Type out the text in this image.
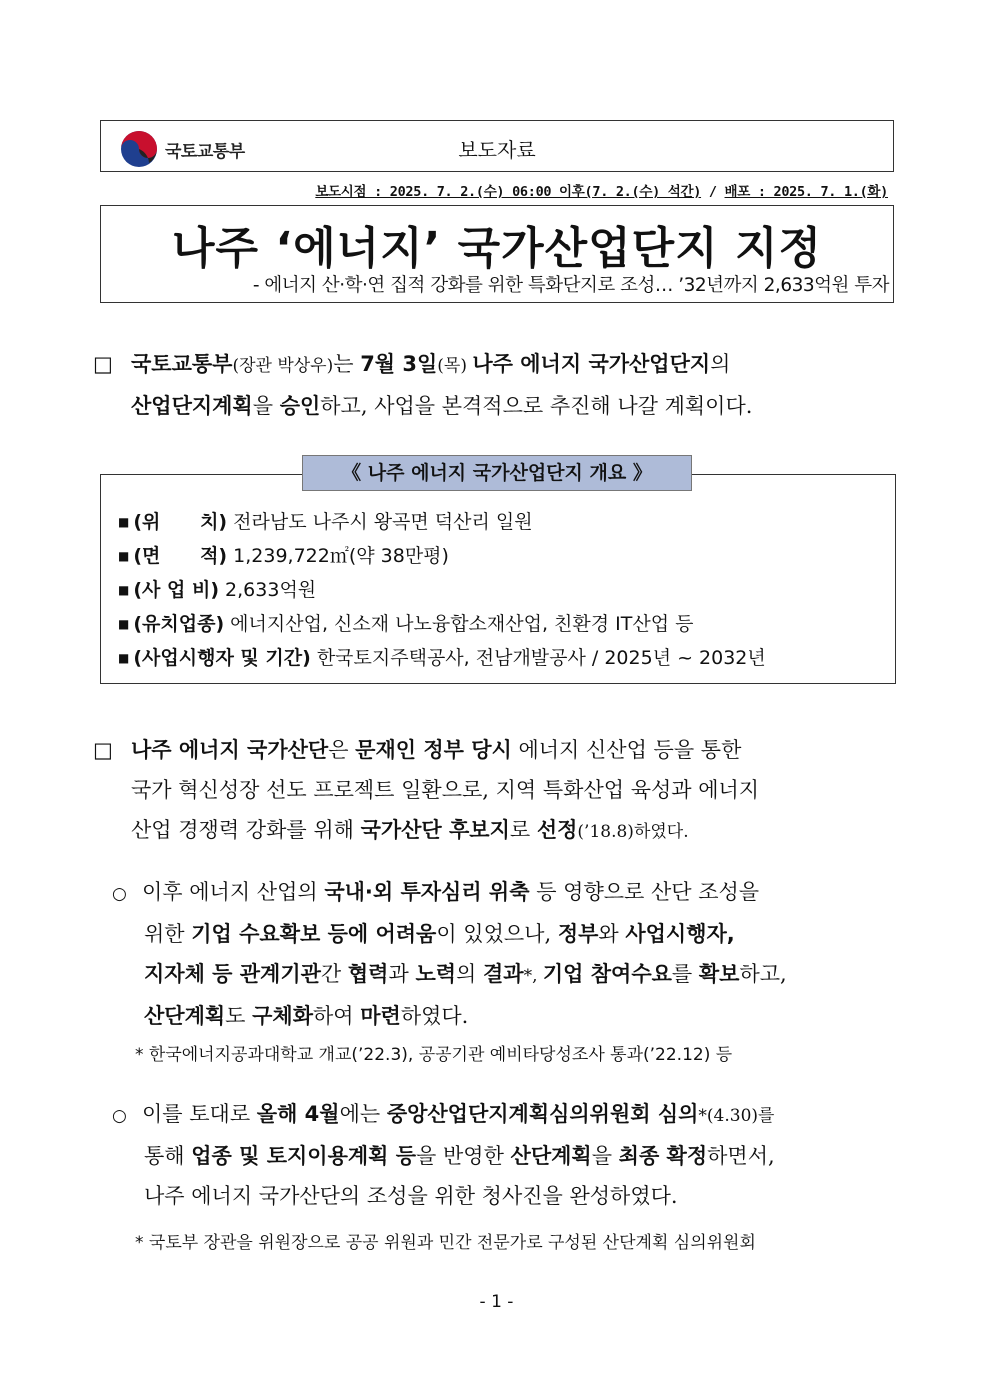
국토교통부	보도자료
보도시점 : 2025. 7. 2.(수) 06:00 이후(7. 2.(수) 석간) / 배포 : 2025. 7. 1.(화)
나주 ‘에너지’ 국가산업단지 지정
- 에너지 산·학·연 집적 강화를 위한 특화단지로 조성… ’32년까지 2,633억원 투자
□ 국토교통부(장관 박상우)는 7월 3일(목) 나주 에너지 국가산업단지의
산업단지계획을 승인하고, 사업을 본격적으로 추진해 나갈 계획이다.
《 나주 에너지 국가산업단지 개요 》
■ (위      치) 전라남도 나주시 왕곡면 덕산리 일원
■ (면      적) 1,239,722㎡(약 38만평)
■ (사 업 비) 2,633억원
■ (유치업종) 에너지산업, 신소재 나노융합소재산업, 친환경 IT산업 등
■ (사업시행자 및 기간) 한국토지주택공사, 전남개발공사 / 2025년 ~ 2032년
□ 나주 에너지 국가산단은 문재인 정부 당시 에너지 신산업 등을 통한
국가 혁신성장 선도 프로젝트 일환으로, 지역 특화산업 육성과 에너지
산업 경쟁력 강화를 위해 국가산단 후보지로 선정(’18.8)하였다.
○ 이후 에너지 산업의 국내·외 투자심리 위축 등 영향으로 산단 조성을
위한 기업 수요확보 등에 어려움이 있었으나, 정부와 사업시행자,
지자체 등 관계기관간 협력과 노력의 결과*, 기업 참여수요를 확보하고,
산단계획도 구체화하여 마련하였다.
* 한국에너지공과대학교 개교(’22.3), 공공기관 예비타당성조사 통과(’22.12) 등
○ 이를 토대로 올해 4월에는 중앙산업단지계획심의위원회 심의*(4.30)를
통해 업종 및 토지이용계획 등을 반영한 산단계획을 최종 확정하면서,
나주 에너지 국가산단의 조성을 위한 청사진을 완성하였다.
* 국토부 장관을 위원장으로 공공 위원과 민간 전문가로 구성된 산단계획 심의위원회
- 1 -
